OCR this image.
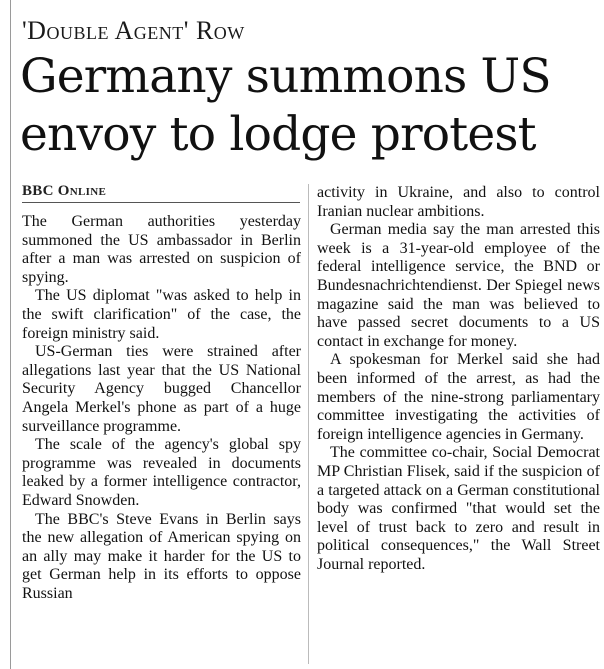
'Double Agent' Row
Germany summons US
envoy to lodge protest
BBC Online

The German authorities yesterday summoned the US ambassador in Berlin after a man was arrested on suspicion of spying.

The US diplomat "was asked to help in the swift clarification" of the case, the foreign ministry said.

US-German ties were strained after allegations last year that the US National Security Agency bugged Chancellor Angela Merkel's phone as part of a huge surveillance programme.

The scale of the agency's global spy programme was revealed in documents leaked by a former intelligence contractor, Edward Snowden.

The BBC's Steve Evans in Berlin says the new allegation of American spying on an ally may make it harder for the US to get German help in its efforts to oppose Russian

activity in Ukraine, and also to control Iranian nuclear ambitions.

German media say the man arrested this week is a 31-year-old employee of the federal intelligence service, the BND or Bundesnachrichtendienst. Der Spiegel news magazine said the man was believed to have passed secret documents to a US contact in exchange for money.

A spokesman for Merkel said she had been informed of the arrest, as had the members of the nine-strong parliamentary committee investigating the activities of foreign intelligence agencies in Germany.

The committee co-chair, Social Democrat MP Christian Flisek, said if the suspicion of a targeted attack on a German constitutional body was confirmed "that would set the level of trust back to zero and result in political consequences," the Wall Street Journal reported.
